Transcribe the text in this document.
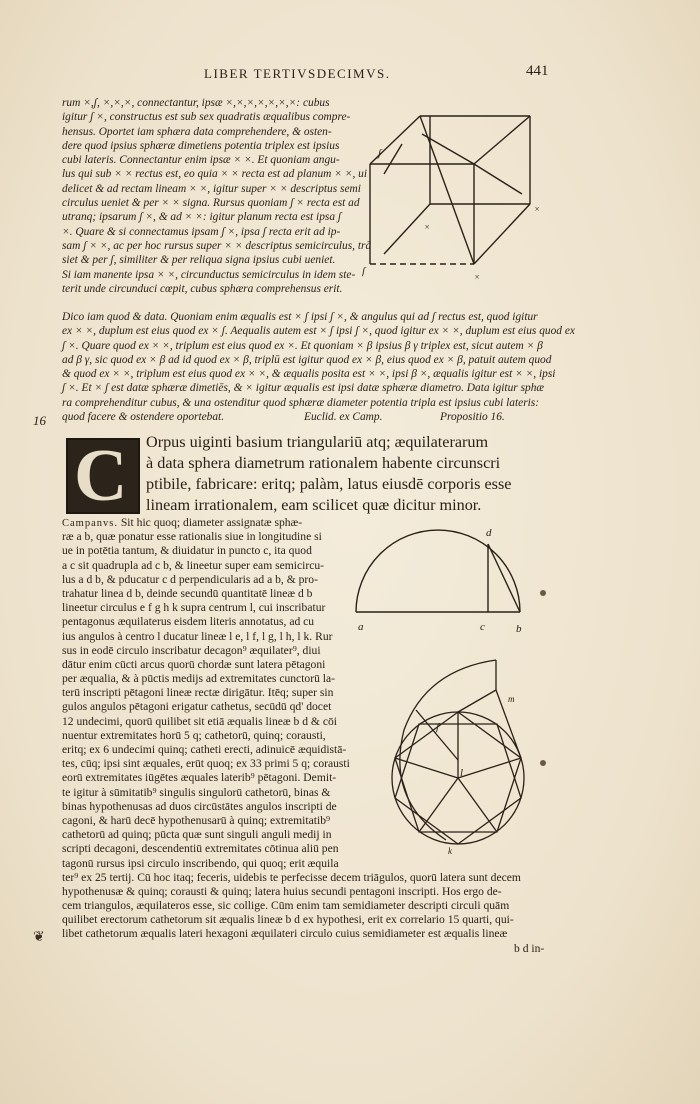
LIBER TERTIVSDECIMVS.	441
rum ×,ʃ, ×,×,×, connectantur, ipsæ ×,×,×,×,×,×,×: cubus
igitur ʃ ×, constructus est sub sex quadratis æqualibus compre-
hensus. Oportet iam sphæra data comprehendere, & osten-
dere quod ipsius sphæræ dimetiens potentia triplex est ipsius
cubi lateris. Connectantur enim ipsæ × ×. Et quoniam angu-
lus qui sub × × rectus est, eo quia × × recta est ad planum × ×, ui
delicet & ad rectam lineam × ×, igitur super × × descriptus semi
circulus ueniet & per × × signa. Rursus quoniam ʃ × recta est ad
utranq; ipsarum ʃ ×, & ad × ×: igitur planum recta est ipsa ʃ
×. Quare & si connectamus ipsam ʃ ×, ipsa ʃ recta erit ad ip-
sam ʃ × ×, ac per hoc rursus super × × descriptus semicirculus, trā
siet & per ʃ, similiter & per reliqua signa ipsius cubi ueniet.
Si iam manente ipsa × ×, circunductus semicirculus in idem ste-
terit unde circunduci cœpit, cubus sphæra comprehensus erit.
ʃ	×
×
ʃ
×
Dico iam quod & data. Quoniam enim æqualis est × ʃ ipsi ʃ ×, & angulus qui ad ʃ rectus est, quod igitur
ex × ×, duplum est eius quod ex × ʃ. Aequalis autem est × ʃ ipsi ʃ ×, quod igitur ex × ×, duplum est eius quod ex
ʃ ×. Quare quod ex × ×, triplum est eius quod ex ×. Et quoniam × β ipsius β γ triplex est, sicut autem × β
ad β γ, sic quod ex × β ad id quod ex × β, triplū est igitur quod ex × β, eius quod ex × β, patuit autem quod
& quod ex × ×, triplum est eius quod ex × ×, & æqualis posita est × ×, ipsi β ×, æqualis igitur est × ×, ipsi
ʃ ×. Et × ʃ est datæ sphæræ dimetiēs, & × igitur æqualis est ipsi datæ sphæræ diametro. Data igitur sphæ
ra comprehenditur cubus, & una ostenditur quod sphæræ diameter potentia tripla est ipsius cubi lateris:
quod facere & ostendere oportebat.	Euclid. ex Camp.	Propositio 16.
16
C Orpus uiginti basium triangulariū atq; æquilaterarum
à data sphera diametrum rationalem habente circunscri
ptibile, fabricare: eritq; palàm, latus eiusdē corporis esse
lineam irrationalem, eam scilicet quæ dicitur minor.
Campanvs. Sit hic quoq; diameter assignatæ sphæ-
ræ a b, quæ ponatur esse rationalis siue in longitudine si
ue in potētia tantum, & diuidatur in puncto c, ita quod
a c sit quadrupla ad c b, & lineetur super eam semicircu-
lus a d b, & pducatur c d perpendicularis ad a b, & pro-
trahatur linea d b, deinde secundū quantitatē lineæ d b
lineetur circulus e f g h k supra centrum l, cui inscribatur
pentagonus æquilaterus eisdem literis annotatus, ad cu
ius angulos à centro l ducatur lineæ l e, l f, l g, l h, l k. Rur
sus in eodē circulo inscribatur decagon⁹ æquilater⁹, diui
dātur enim cūcti arcus quorū chordæ sunt latera pētagoni
per æqualia, & à pūctis medijs ad extremitates cunctorū la-
terū inscripti pētagoni lineæ rectæ dirigātur. Itēq; super sin
gulos angulos pētagoni erigatur cathetus, secūdū qd' docet
12 undecimi, quorū quilibet sit etiā æqualis lineæ b d & cōi
nuentur extremitates horū 5 q; cathetorū, quinq; corausti,
eritq; ex 6 undecimi quinq; catheti erecti, adinuicē æquidistā-
tes, cūq; ipsi sint æquales, erūt quoq; ex 33 primi 5 q; corausti
eorū extremitates iūgētes æquales laterib⁹ pētagoni. Demit-
te igitur à sūmitatib⁹ singulis singulorū cathetorū, binas &
binas hypothenusas ad duos circūstātes angulos inscripti de
cagoni, & harū decē hypothenusarū à quinq; extremitatib⁹
cathetorū ad quinq; pūcta quæ sunt singuli anguli medij in
scripti decagoni, descendentiū extremitates cōtinua aliū pen
tagonū rursus ipsi circulo inscribendo, qui quoq; erit æquila
ter⁹ ex 25 tertij. Cū hoc itaq; feceris, uidebis te perfecisse decem triāgulos, quorū latera sunt decem
hypothenusæ & quinq; corausti & quinq; latera huius secundi pentagoni inscripti. Hos ergo de-
cem triangulos, æquilateros esse, sic collige. Cūm enim tam semidiameter descripti circuli quām
quilibet erectorum cathetorum sit æqualis lineæ b d ex hypothesi, erit ex correlario 15 quarti, qui-
libet cathetorum æqualis lateri hexagoni æquilateri circulo cuius semidiameter est æqualis lineæ
b d in-
a
d
c	b
ʃ
m
l
k
❦
